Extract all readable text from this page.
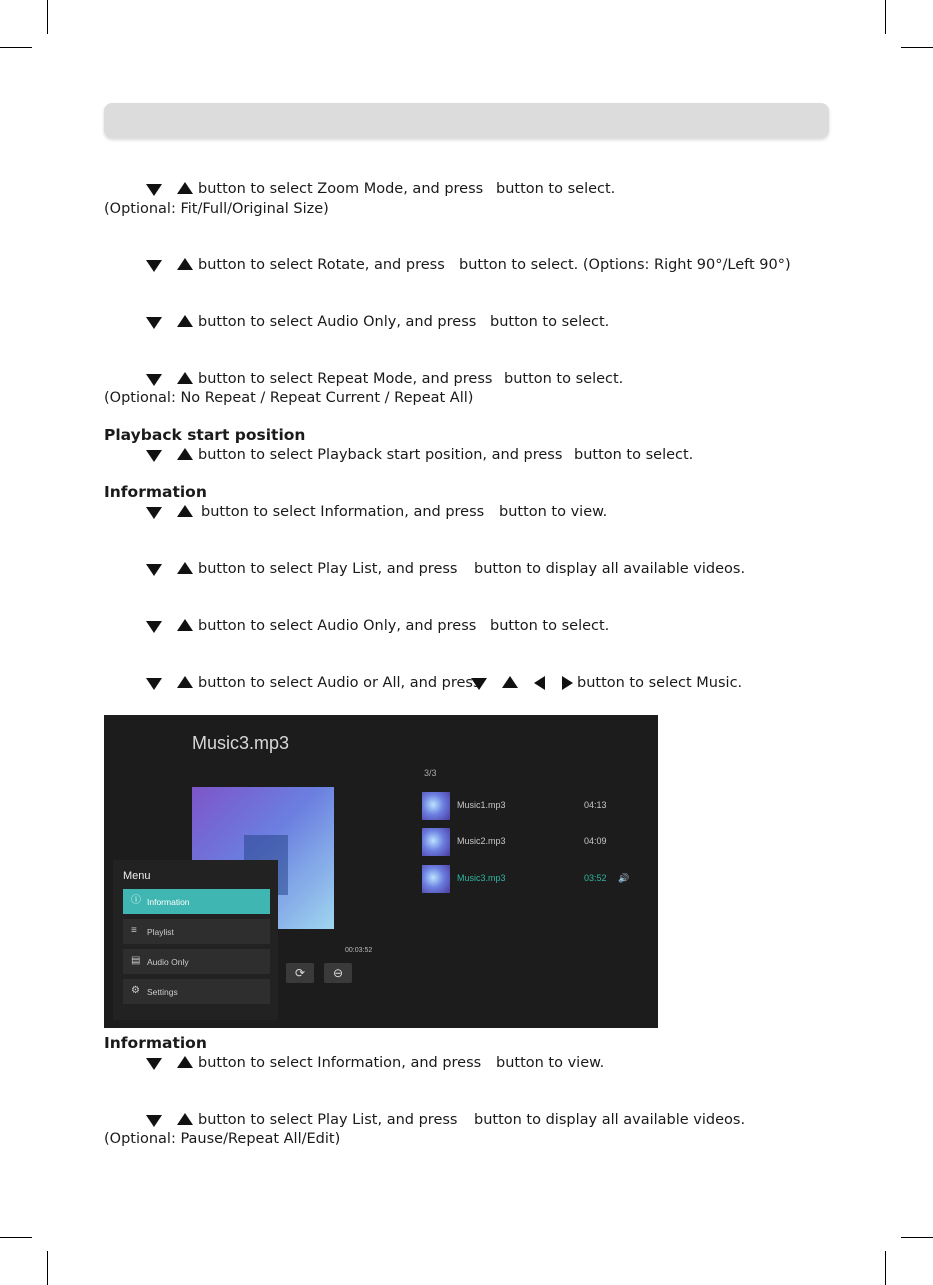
button to select Zoom Mode, and press button to select.
(Optional: Fit/Full/Original Size)
button to select Rotate, and press button to select. (Options: Right 90°/Left 90°)
button to select Audio Only, and press button to select.
button to select Repeat Mode, and press button to select.
(Optional: No Repeat / Repeat Current / Repeat All)
Playback start position
button to select Playback start position, and press button to select.
Information
button to select Information, and press button to view.
button to select Play List, and press button to display all available videos.
button to select Audio Only, and press button to select.
button to select Audio or All, and press	button to select Music.
Music3.mp3
3/3
Music1.mp3	04:13
Music2.mp3	04:09
Music3.mp3	03:52 🔊
00:03:52
⟳	⊖
Menu
ⓘ Information
≡ Playlist
▤ Audio Only
⚙ Settings
Information
button to select Information, and press button to view.
button to select Play List, and press button to display all available videos.
(Optional: Pause/Repeat All/Edit)
